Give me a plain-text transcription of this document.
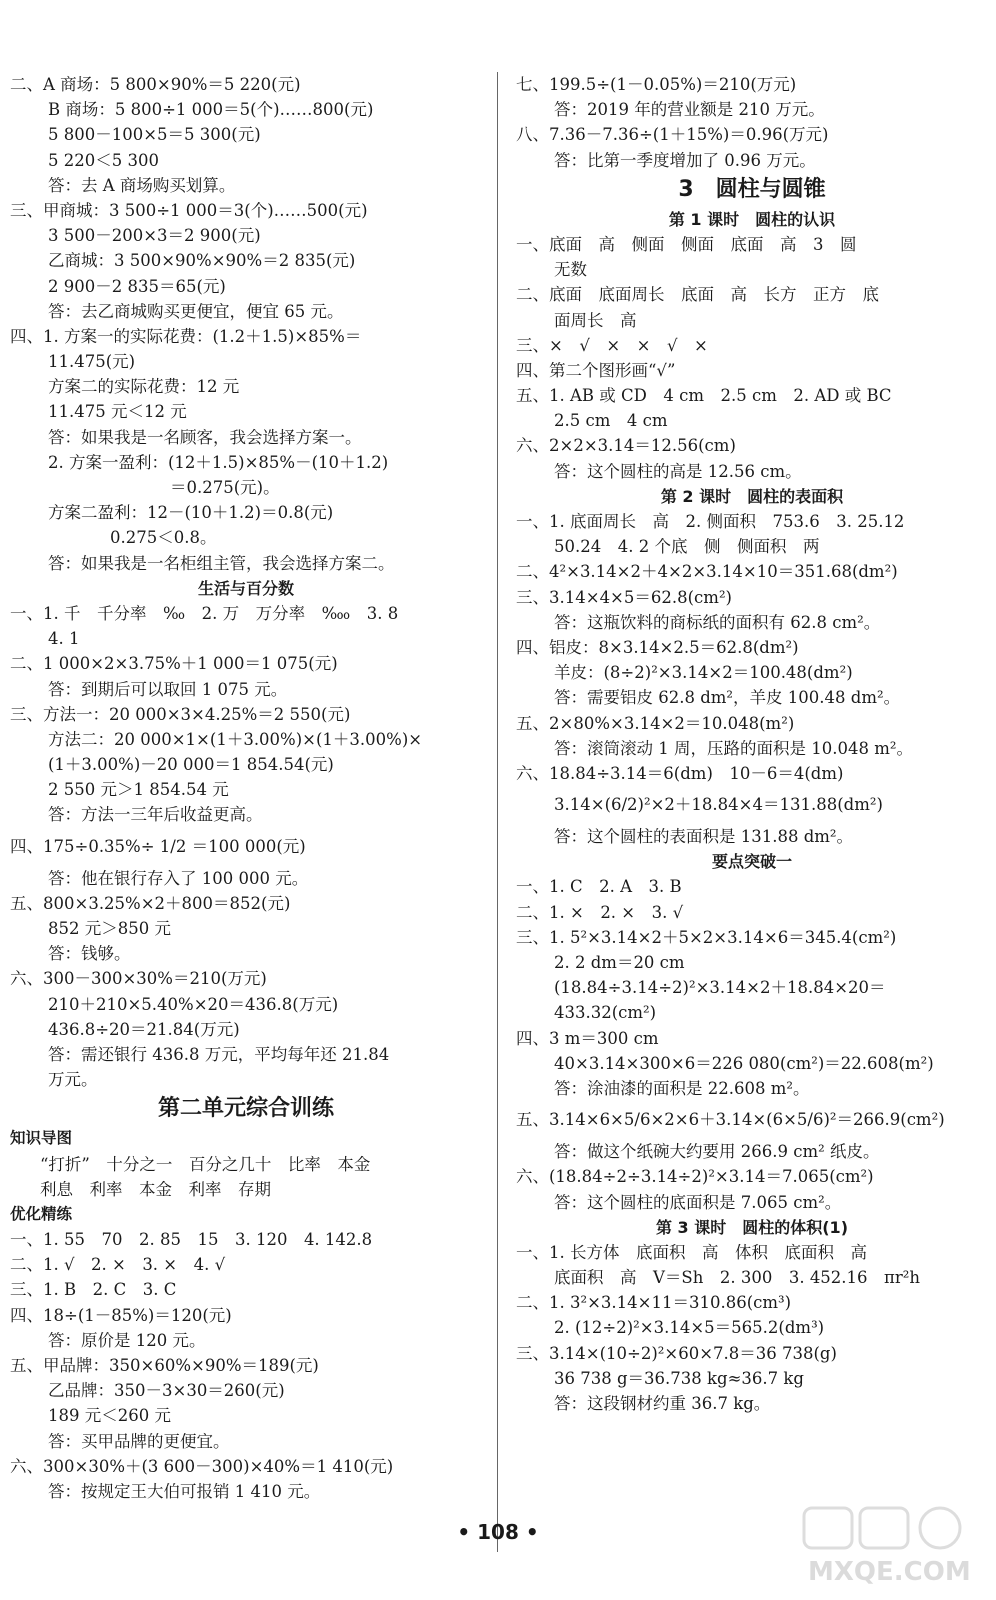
二、A 商场：5 800×90%＝5 220(元)
B 商场：5 800÷1 000＝5(个)……800(元)
5 800－100×5＝5 300(元)
5 220＜5 300
答：去 A 商场购买划算。
三、甲商城：3 500÷1 000＝3(个)……500(元)
3 500－200×3＝2 900(元)
乙商城：3 500×90%×90%＝2 835(元)
2 900－2 835＝65(元)
答：去乙商城购买更便宜，便宜 65 元。
四、1. 方案一的实际花费：(1.2＋1.5)×85%＝
11.475(元)
方案二的实际花费：12 元
11.475 元＜12 元
答：如果我是一名顾客，我会选择方案一。
2. 方案一盈利：(12＋1.5)×85%－(10＋1.2)
＝0.275(元)。
方案二盈利：12－(10＋1.2)＝0.8(元)
0.275＜0.8。
答：如果我是一名柜组主管，我会选择方案二。
生活与百分数
一、1. 千　千分率　‰　2. 万　万分率　‱　3. 8
4. 1
二、1 000×2×3.75%＋1 000＝1 075(元)
答：到期后可以取回 1 075 元。
三、方法一：20 000×3×4.25%＝2 550(元)
方法二：20 000×1×(1＋3.00%)×(1＋3.00%)×
(1＋3.00%)－20 000＝1 854.54(元)
2 550 元＞1 854.54 元
答：方法一三年后收益更高。
四、175÷0.35%÷ 1/2 ＝100 000(元)
答：他在银行存入了 100 000 元。
五、800×3.25%×2＋800＝852(元)
852 元＞850 元
答：钱够。
六、300－300×30%＝210(万元)
210＋210×5.40%×20＝436.8(万元)
436.8÷20＝21.84(万元)
答：需还银行 436.8 万元，平均每年还 21.84
万元。
第二单元综合训练
知识导图
“打折”　十分之一　百分之几十　比率　本金
利息　利率　本金　利率　存期
优化精练
一、1. 55　70　2. 85　15　3. 120　4. 142.8
二、1. √　2. ×　3. ×　4. √
三、1. B　2. C　3. C
四、18÷(1－85%)＝120(元)
答：原价是 120 元。
五、甲品牌：350×60%×90%＝189(元)
乙品牌：350－3×30＝260(元)
189 元＜260 元
答：买甲品牌的更便宜。
六、300×30%＋(3 600－300)×40%＝1 410(元)
答：按规定王大伯可报销 1 410 元。
七、199.5÷(1－0.05%)＝210(万元)
答：2019 年的营业额是 210 万元。
八、7.36－7.36÷(1＋15%)＝0.96(万元)
答：比第一季度增加了 0.96 万元。
3　圆柱与圆锥
第 1 课时　圆柱的认识
一、底面　高　侧面　侧面　底面　高　3　圆
无数
二、底面　底面周长　底面　高　长方　正方　底
面周长　高
三、×　√　×　×　√　×
四、第二个图形画“√”
五、1. AB 或 CD　4 cm　2.5 cm　2. AD 或 BC
2.5 cm　4 cm
六、2×2×3.14＝12.56(cm)
答：这个圆柱的高是 12.56 cm。
第 2 课时　圆柱的表面积
一、1. 底面周长　高　2. 侧面积　753.6　3. 25.12
50.24　4. 2 个底　侧　侧面积　两
二、4²×3.14×2＋4×2×3.14×10＝351.68(dm²)
三、3.14×4×5＝62.8(cm²)
答：这瓶饮料的商标纸的面积有 62.8 cm²。
四、铝皮：8×3.14×2.5＝62.8(dm²)
羊皮：(8÷2)²×3.14×2＝100.48(dm²)
答：需要铝皮 62.8 dm²，羊皮 100.48 dm²。
五、2×80%×3.14×2＝10.048(m²)
答：滚筒滚动 1 周，压路的面积是 10.048 m²。
六、18.84÷3.14＝6(dm)　10－6＝4(dm)
3.14×(6/2)²×2＋18.84×4＝131.88(dm²)
答：这个圆柱的表面积是 131.88 dm²。
要点突破一
一、1. C　2. A　3. B
二、1. ×　2. ×　3. √
三、1. 5²×3.14×2＋5×2×3.14×6＝345.4(cm²)
2. 2 dm＝20 cm
(18.84÷3.14÷2)²×3.14×2＋18.84×20＝
433.32(cm²)
四、3 m＝300 cm
40×3.14×300×6＝226 080(cm²)＝22.608(m²)
答：涂油漆的面积是 22.608 m²。
五、3.14×6×5/6×2×6＋3.14×(6×5/6)²＝266.9(cm²)
答：做这个纸碗大约要用 266.9 cm² 纸皮。
六、(18.84÷2÷3.14÷2)²×3.14＝7.065(cm²)
答：这个圆柱的底面积是 7.065 cm²。
第 3 课时　圆柱的体积(1)
一、1. 长方体　底面积　高　体积　底面积　高
底面积　高　V＝Sh　2. 300　3. 452.16　πr²h
二、1. 3²×3.14×11＝310.86(cm³)
2. (12÷2)²×3.14×5＝565.2(dm³)
三、3.14×(10÷2)²×60×7.8＝36 738(g)
36 738 g＝36.738 kg≈36.7 kg
答：这段钢材约重 36.7 kg。
• 108 •
MXQE.COM
